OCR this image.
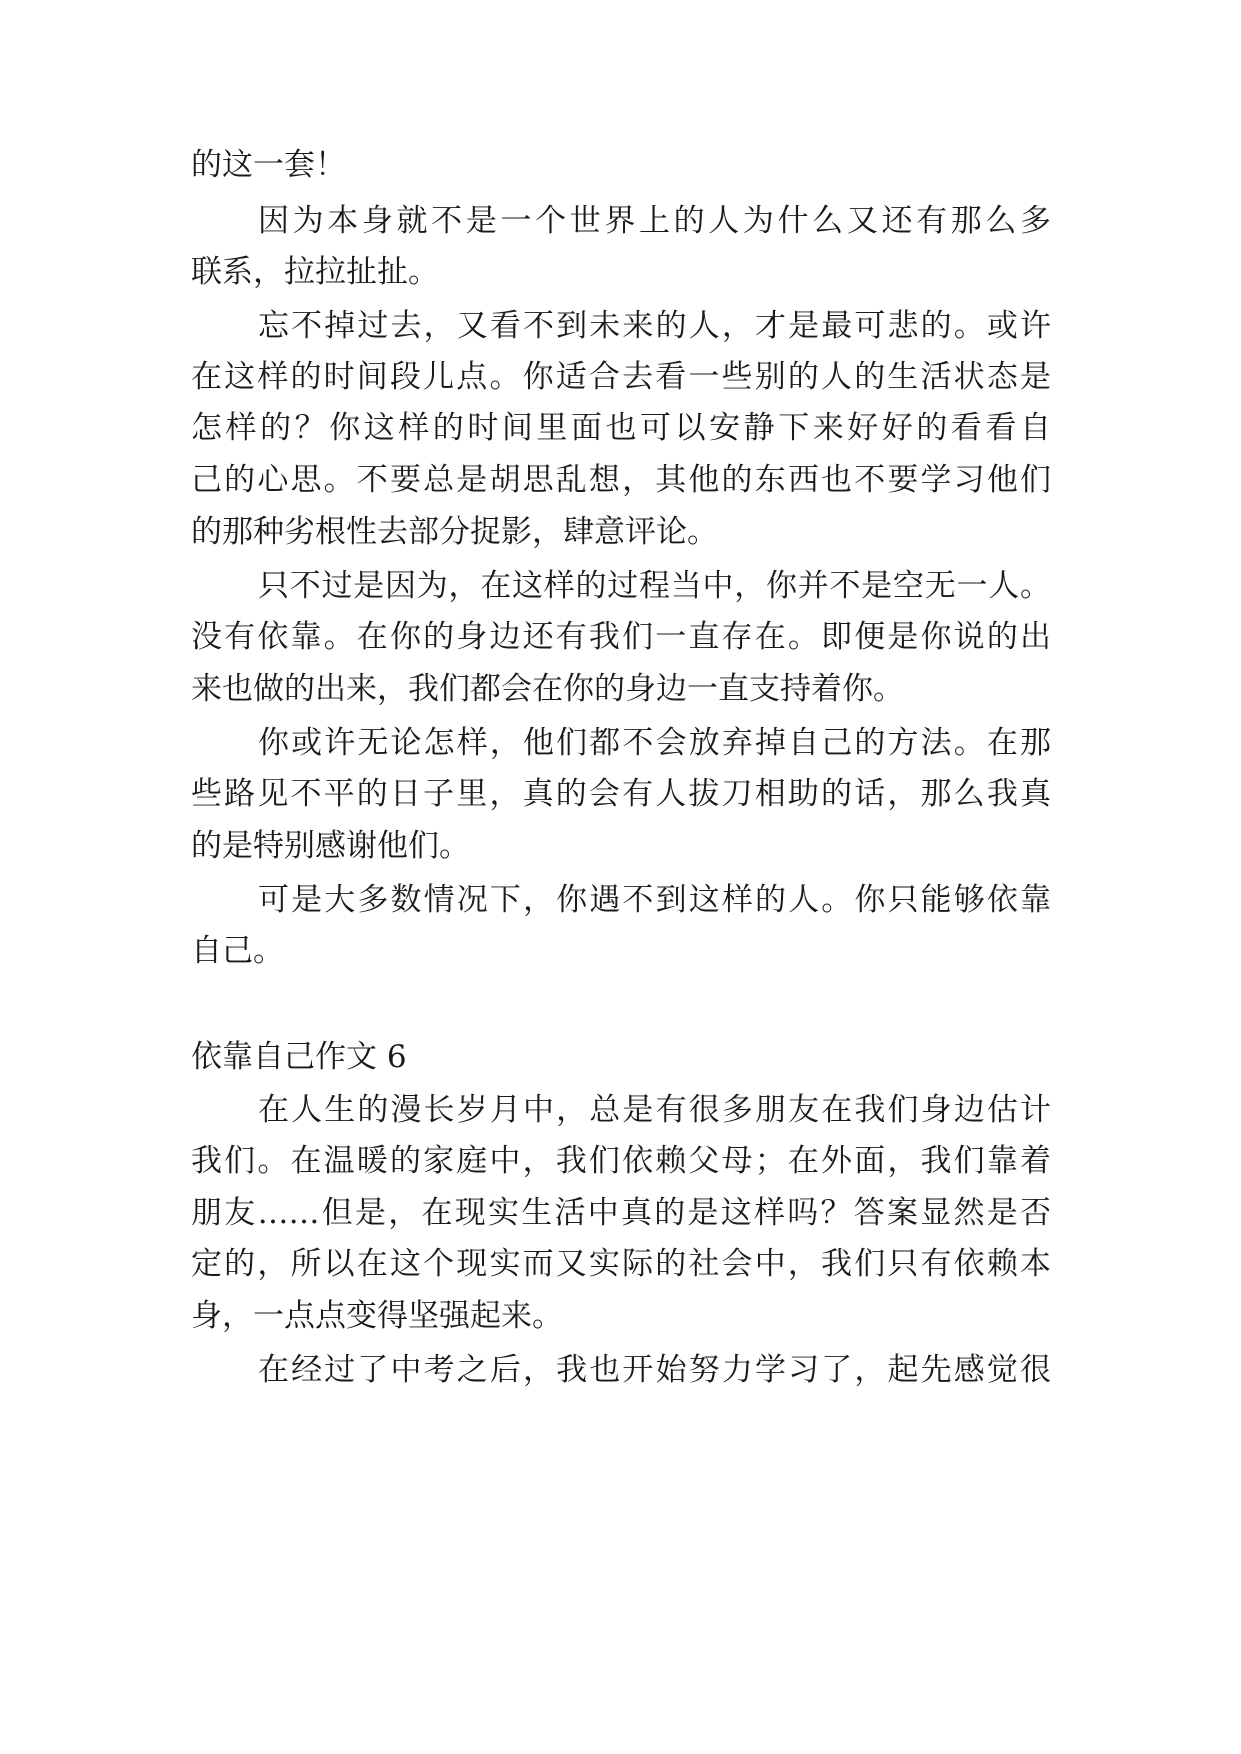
的这一套！
因为本身就不是一个世界上的人为什么又还有那么多
联系，拉拉扯扯。
忘不掉过去，又看不到未来的人，才是最可悲的。或许
在这样的时间段儿点。你适合去看一些别的人的生活状态是
怎样的？你这样的时间里面也可以安静下来好好的看看自
己的心思。不要总是胡思乱想，其他的东西也不要学习他们
的那种劣根性去部分捉影，肆意评论。
只不过是因为，在这样的过程当中，你并不是空无一人。
没有依靠。在你的身边还有我们一直存在。即便是你说的出
来也做的出来，我们都会在你的身边一直支持着你。
你或许无论怎样，他们都不会放弃掉自己的方法。在那
些路见不平的日子里，真的会有人拔刀相助的话，那么我真
的是特别感谢他们。
可是大多数情况下，你遇不到这样的人。你只能够依靠
自己。
依靠自己作文 6
在人生的漫长岁月中，总是有很多朋友在我们身边估计
我们。在温暖的家庭中，我们依赖父母；在外面，我们靠着
朋友……但是，在现实生活中真的是这样吗？答案显然是否
定的，所以在这个现实而又实际的社会中，我们只有依赖本
身，一点点变得坚强起来。
在经过了中考之后，我也开始努力学习了，起先感觉很
